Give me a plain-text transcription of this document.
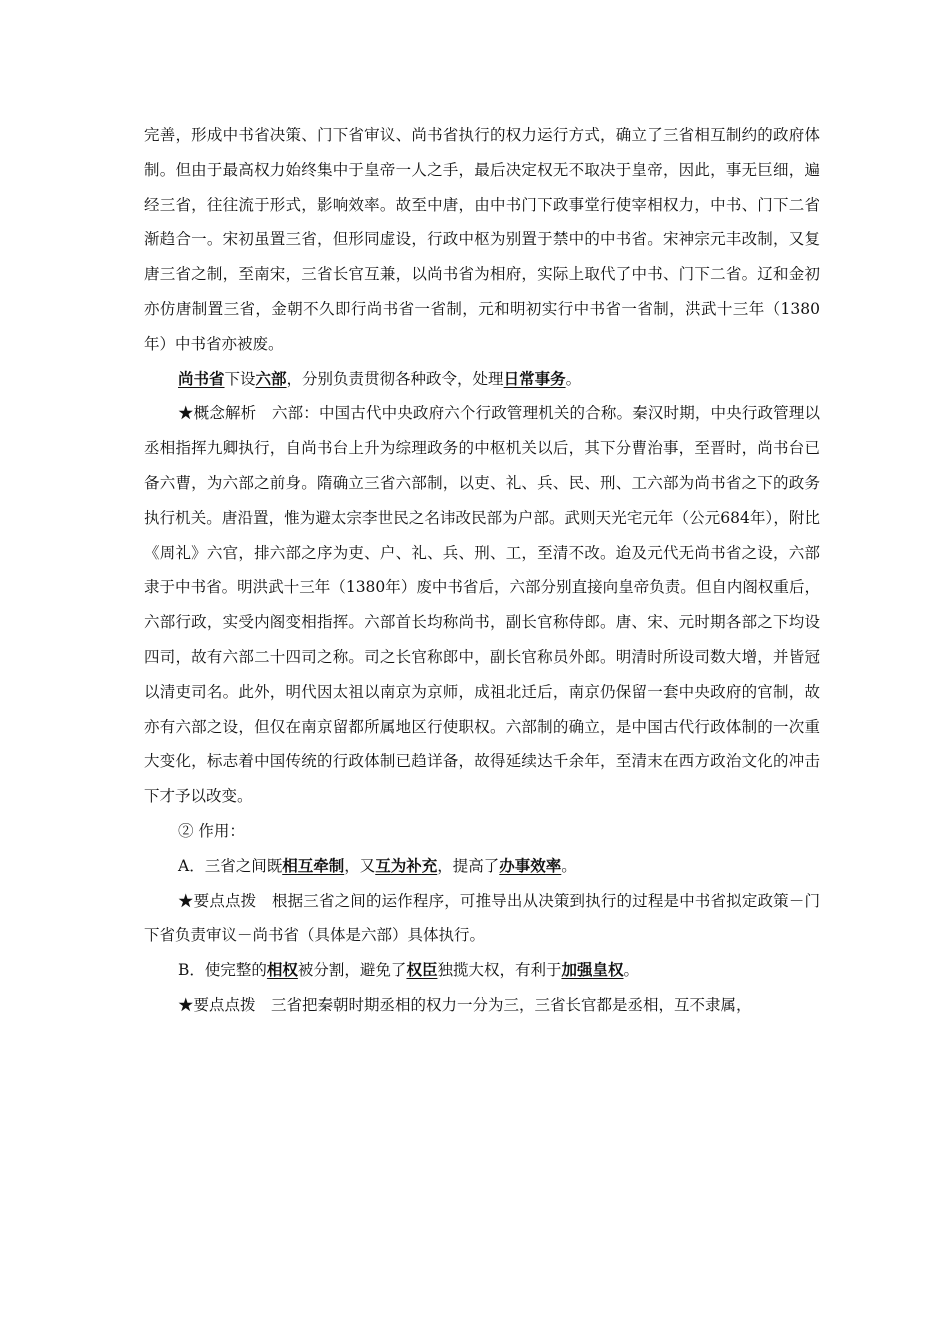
完善，形成中书省决策、门下省审议、尚书省执行的权力运行方式，确立了三省相互制约的政府体制。但由于最高权力始终集中于皇帝一人之手，最后决定权无不取决于皇帝，因此，事无巨细，遍经三省，往往流于形式，影响效率。故至中唐，由中书门下政事堂行使宰相权力，中书、门下二省渐趋合一。宋初虽置三省，但形同虚设，行政中枢为别置于禁中的中书省。宋神宗元丰改制，又复唐三省之制，至南宋，三省长官互兼，以尚书省为相府，实际上取代了中书、门下二省。辽和金初亦仿唐制置三省，金朝不久即行尚书省一省制，元和明初实行中书省一省制，洪武十三年（1380年）中书省亦被废。

尚书省下设六部，分别负责贯彻各种政令，处理日常事务。

★概念解析　六部：中国古代中央政府六个行政管理机关的合称。秦汉时期，中央行政管理以丞相指挥九卿执行，自尚书台上升为综理政务的中枢机关以后，其下分曹治事，至晋时，尚书台已备六曹，为六部之前身。隋确立三省六部制，以吏、礼、兵、民、刑、工六部为尚书省之下的政务执行机关。唐沿置，惟为避太宗李世民之名讳改民部为户部。武则天光宅元年（公元684年），附比《周礼》六官，排六部之序为吏、户、礼、兵、刑、工，至清不改。迨及元代无尚书省之设，六部隶于中书省。明洪武十三年（1380年）废中书省后，六部分别直接向皇帝负责。但自内阁权重后，六部行政，实受内阁变相指挥。六部首长均称尚书，副长官称侍郎。唐、宋、元时期各部之下均设四司，故有六部二十四司之称。司之长官称郎中，副长官称员外郎。明清时所设司数大增，并皆冠以清吏司名。此外，明代因太祖以南京为京师，成祖北迁后，南京仍保留一套中央政府的官制，故亦有六部之设，但仅在南京留都所属地区行使职权。六部制的确立，是中国古代行政体制的一次重大变化，标志着中国传统的行政体制已趋详备，故得延续达千余年，至清末在西方政治文化的冲击下才予以改变。

② 作用：

A．三省之间既相互牵制，又互为补充，提高了办事效率。

★要点点拨　根据三省之间的运作程序，可推导出从决策到执行的过程是中书省拟定政策－门下省负责审议－尚书省（具体是六部）具体执行。

B．使完整的相权被分割，避免了权臣独揽大权，有利于加强皇权。

★要点点拨　三省把秦朝时期丞相的权力一分为三，三省长官都是丞相，互不隶属，
